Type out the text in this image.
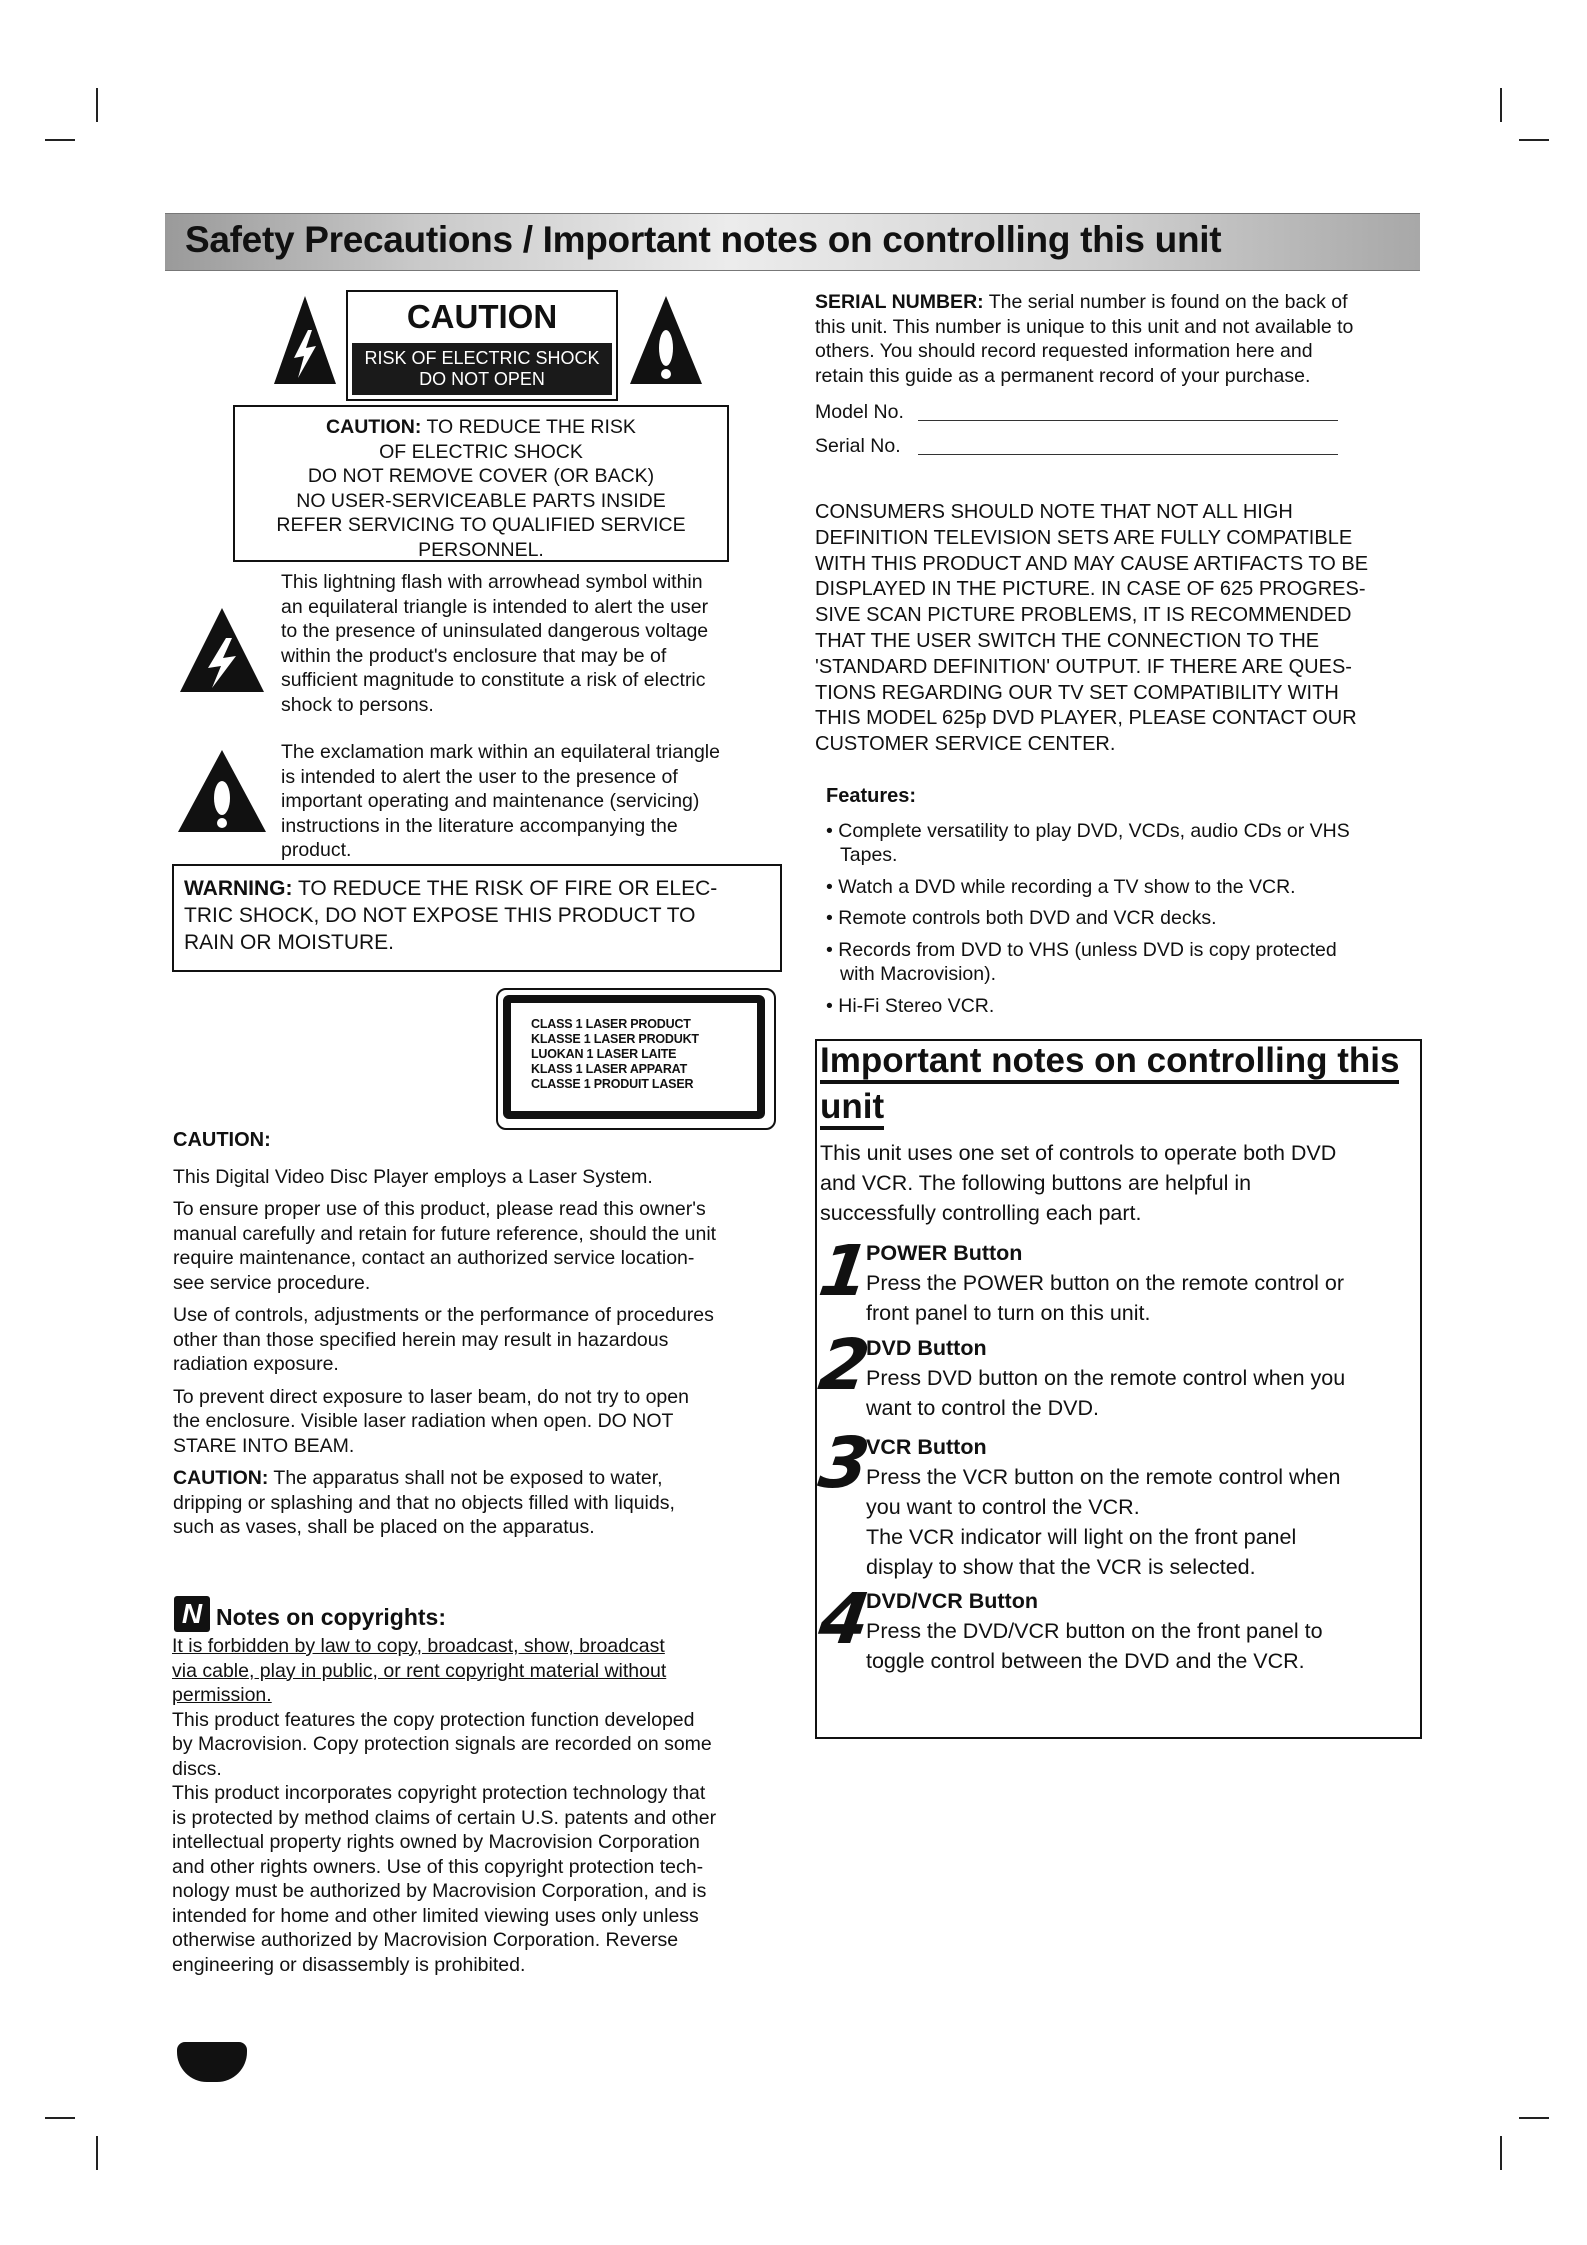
Safety Precautions / Important notes on controlling this unit
CAUTION
RISK OF ELECTRIC SHOCK
DO NOT OPEN
CAUTION: TO REDUCE THE RISK
OF ELECTRIC SHOCK
DO NOT REMOVE COVER (OR BACK)
NO USER-SERVICEABLE PARTS INSIDE
REFER SERVICING TO QUALIFIED SERVICE
PERSONNEL.
This lightning flash with arrowhead symbol within
an equilateral triangle is intended to alert the user
to the presence of uninsulated dangerous voltage
within the product's enclosure that may be of
sufficient magnitude to constitute a risk of electric
shock to persons.
The exclamation mark within an equilateral triangle
is intended to alert the user to the presence of
important operating and maintenance (servicing)
instructions in the literature accompanying the
product.
WARNING: TO REDUCE THE RISK OF FIRE OR ELEC-
TRIC SHOCK, DO NOT EXPOSE THIS PRODUCT TO
RAIN OR MOISTURE.
CLASS 1 LASER PRODUCT
KLASSE 1 LASER PRODUKT
LUOKAN 1 LASER LAITE
KLASS 1 LASER APPARAT
CLASSE 1 PRODUIT LASER
CAUTION:
This Digital Video Disc Player employs a Laser System.
To ensure proper use of this product, please read this owner's
manual carefully and retain for future reference, should the unit
require maintenance, contact an authorized service location-
see service procedure.
Use of controls, adjustments or the performance of procedures
other than those specified herein may result in hazardous
radiation exposure.
To prevent direct exposure to laser beam, do not try to open
the enclosure. Visible laser radiation when open. DO NOT
STARE INTO BEAM.
CAUTION: The apparatus shall not be exposed to water,
dripping or splashing and that no objects filled with liquids,
such as vases, shall be placed on the apparatus.
N Notes on copyrights:
It is forbidden by law to copy, broadcast, show, broadcast
via cable, play in public, or rent copyright material without
permission.
This product features the copy protection function developed
by Macrovision. Copy protection signals are recorded on some
discs.
This product incorporates copyright protection technology that
is protected by method claims of certain U.S. patents and other
intellectual property rights owned by Macrovision Corporation
and other rights owners. Use of this copyright protection tech-
nology must be authorized by Macrovision Corporation, and is
intended for home and other limited viewing uses only unless
otherwise authorized by Macrovision Corporation. Reverse
engineering or disassembly is prohibited.
SERIAL NUMBER: The serial number is found on the back of
this unit. This number is unique to this unit and not available to
others. You should record requested information here and
retain this guide as a permanent record of your purchase.
Model No.
Serial No.
CONSUMERS SHOULD NOTE THAT NOT ALL HIGH
DEFINITION TELEVISION SETS ARE FULLY COMPATIBLE
WITH THIS PRODUCT AND MAY CAUSE ARTIFACTS TO BE
DISPLAYED IN THE PICTURE. IN CASE OF 625 PROGRES-
SIVE SCAN PICTURE PROBLEMS, IT IS RECOMMENDED
THAT THE USER SWITCH THE CONNECTION TO THE
'STANDARD DEFINITION' OUTPUT. IF THERE ARE QUES-
TIONS REGARDING OUR TV SET COMPATIBILITY WITH
THIS MODEL 625p DVD PLAYER, PLEASE CONTACT OUR
CUSTOMER SERVICE CENTER.
Features:
• Complete versatility to play DVD, VCDs, audio CDs or VHS
Tapes.
• Watch a DVD while recording a TV show to the VCR.
• Remote controls both DVD and VCR decks.
• Records from DVD to VHS (unless DVD is copy protected
with Macrovision).
• Hi-Fi Stereo VCR.
Important notes on controlling this
unit
This unit uses one set of controls to operate both DVD
and VCR. The following buttons are helpful in
successfully controlling each part.
1
POWER Button
Press the POWER button on the remote control or
front panel to turn on this unit.
2
DVD Button
Press DVD button on the remote control when you
want to control the DVD.
3
VCR Button
Press the VCR button on the remote control when
you want to control the VCR.
The VCR indicator will light on the front panel
display to show that the VCR is selected.
4
DVD/VCR Button
Press the DVD/VCR button on the front panel to
toggle control between the DVD and the VCR.
